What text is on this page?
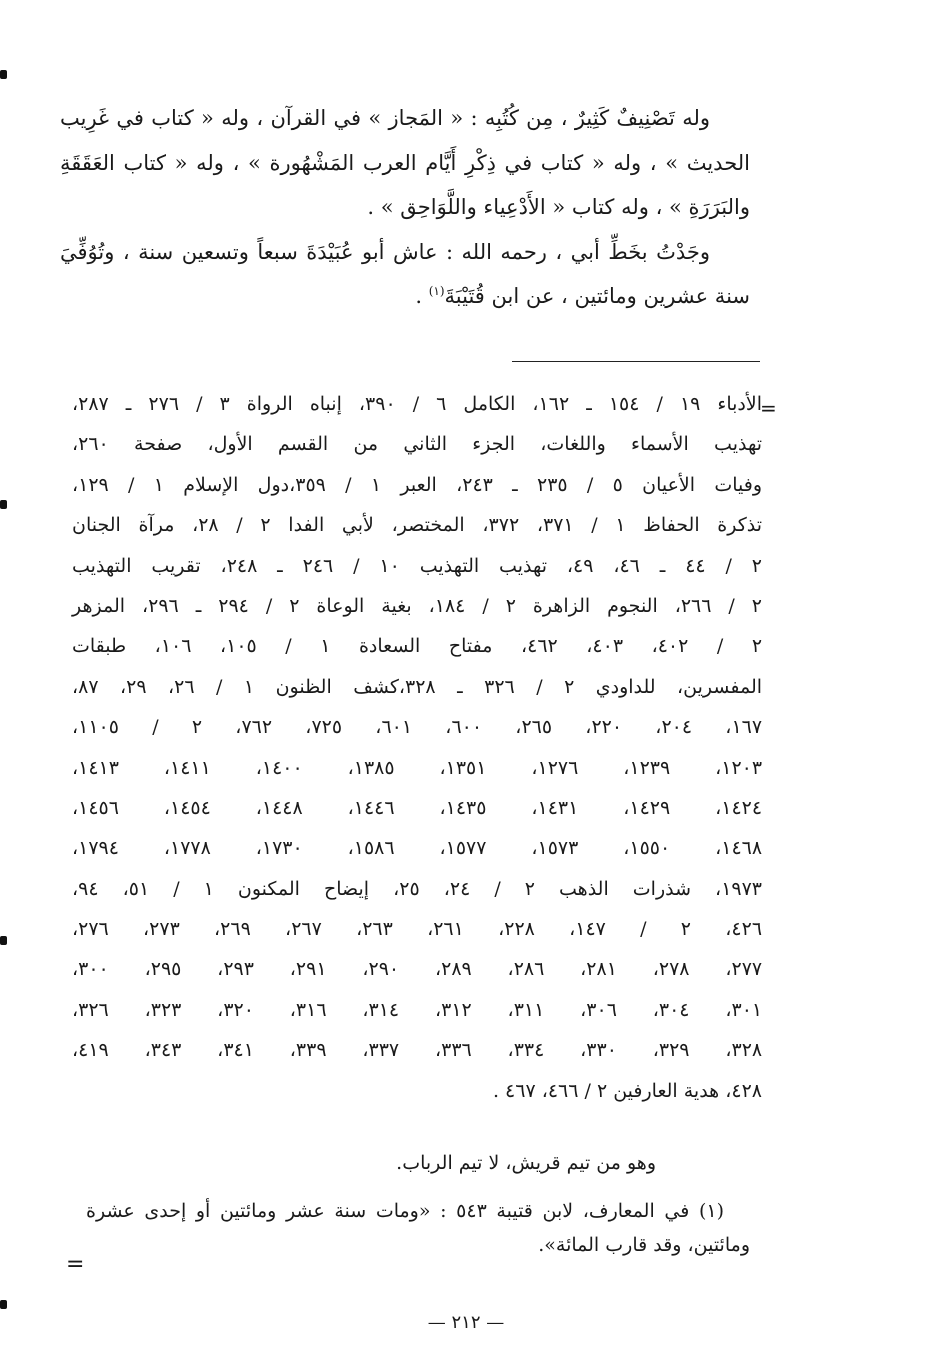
وله تَصْنِيفٌ كَثِيرٌ ، مِن كُتُبِه : « المَجاز » في القرآن ، وله « كتاب في غَرِيب الحديث » ، وله « كتاب في ذِكْرِ أَيَّام العرب المَشْهُورة » ، وله « كتاب العَقَقَةِ والبَرَرَةِ » ، وله كتاب « الأَدْعِياء واللَّوَاحِق » .

وجَدْتُ بخَطِّ أبي ، رحمه الله : عاش أبو عُبَيْدَةَ سبعاً وتسعين سنة ، وتُوُفِّيَ سنة عشرين ومائتين ، عن ابن قُتَيْبَةَ$^{(١)}$ .

=
الأدباء ١٩ / ١٥٤ ـ ١٦٢، الكامل ٦ / ٣٩٠، إنباه الرواة ٣ / ٢٧٦ ـ ٢٨٧،
تهذيب الأسماء واللغات، الجزء الثاني من القسم الأول، صفحة ٢٦٠،
وفيات الأعيان ٥ / ٢٣٥ ـ ٢٤٣، العبر ١ / ٣٥٩،دول الإسلام ١ / ١٢٩،
تذكرة الحفاظ ١ / ٣٧١، ٣٧٢، المختصر، لأبي الفدا ٢ / ٢٨، مرآة الجنان
٢ / ٤٤ ـ ٤٦، ٤٩، تهذيب التهذيب ١٠ / ٢٤٦ ـ ٢٤٨، تقريب التهذيب
٢ / ٢٦٦، النجوم الزاهرة ٢ / ١٨٤، بغية الوعاة ٢ / ٢٩٤ ـ ٢٩٦، المزهر
٢ / ٤٠٢، ٤٠٣، ٤٦٢، مفتاح السعادة ١ / ١٠٥، ١٠٦، طبقات
المفسرين، للداودي ٢ / ٣٢٦ ـ ٣٢٨،كشف الظنون ١ / ٢٦، ٢٩، ٨٧،
١٦٧، ٢٠٤، ٢٢٠، ٢٦٥، ٦٠٠، ٦٠١، ٧٢٥، ٧٦٢، ٢ / ١١٠٥،
١٢٠٣، ١٢٣٩، ١٢٧٦، ١٣٥١، ١٣٨٥، ١٤٠٠، ١٤١١، ١٤١٣،
١٤٢٤، ١٤٢٩، ١٤٣١، ١٤٣٥، ١٤٤٦، ١٤٤٨، ١٤٥٤، ١٤٥٦،
١٤٦٨، ١٥٥٠، ١٥٧٣، ١٥٧٧، ١٥٨٦، ١٧٣٠، ١٧٧٨، ١٧٩٤،
١٩٧٣، شذرات الذهب ٢ / ٢٤، ٢٥، إيضاح المكنون ١ / ٥١، ٩٤،
٤٢٦، ٢ / ١٤٧، ٢٢٨، ٢٦١، ٢٦٣، ٢٦٧، ٢٦٩، ٢٧٣، ٢٧٦،
٢٧٧، ٢٧٨، ٢٨١، ٢٨٦، ٢٨٩، ٢٩٠، ٢٩١، ٢٩٣، ٢٩٥، ٣٠٠،
٣٠١، ٣٠٤، ٣٠٦، ٣١١، ٣١٢، ٣١٤، ٣١٦، ٣٢٠، ٣٢٣، ٣٢٦،
٣٢٨، ٣٢٩، ٣٣٠، ٣٣٤، ٣٣٦، ٣٣٧، ٣٣٩، ٣٤١، ٣٤٣، ٤١٩،
٤٢٨، هدية العارفين ٢ / ٤٦٦، ٤٦٧ .

وهو من تيم قريش، لا تيم الرباب.

(١) في المعارف، لابن قتيبة ٥٤٣ : «ومات سنة عشر ومائتين أو إحدى عشرة ومائتين، وقد قارب المائة».

=
— ٢١٢ —
